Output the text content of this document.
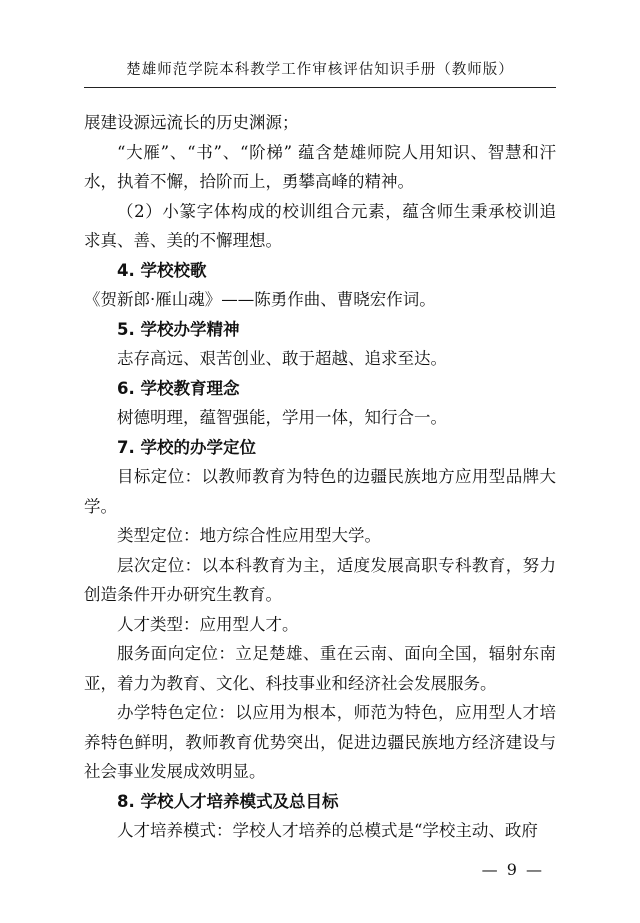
楚雄师范学院本科教学工作审核评估知识手册（教师版）

展建设源远流长的历史渊源；

“大雁”、“书”、“阶梯” 蕴含楚雄师院人用知识、智慧和汗水，执着不懈，拾阶而上，勇攀高峰的精神。

（2）小篆字体构成的校训组合元素，蕴含师生秉承校训追求真、善、美的不懈理想。

4. 学校校歌

《贺新郎·雁山魂》——陈勇作曲、曹晓宏作词。

5. 学校办学精神

志存高远、艰苦创业、敢于超越、追求至达。

6. 学校教育理念

树德明理，蕴智强能，学用一体，知行合一。

7. 学校的办学定位

目标定位：以教师教育为特色的边疆民族地方应用型品牌大学。

类型定位：地方综合性应用型大学。

层次定位：以本科教育为主，适度发展高职专科教育，努力创造条件开办研究生教育。

人才类型：应用型人才。

服务面向定位：立足楚雄、重在云南、面向全国，辐射东南亚，着力为教育、文化、科技事业和经济社会发展服务。

办学特色定位：以应用为根本，师范为特色，应用型人才培养特色鲜明，教师教育优势突出，促进边疆民族地方经济建设与社会事业发展成效明显。

8. 学校人才培养模式及总目标

人才培养模式：学校人才培养的总模式是“学校主动、政府

— 9 —
